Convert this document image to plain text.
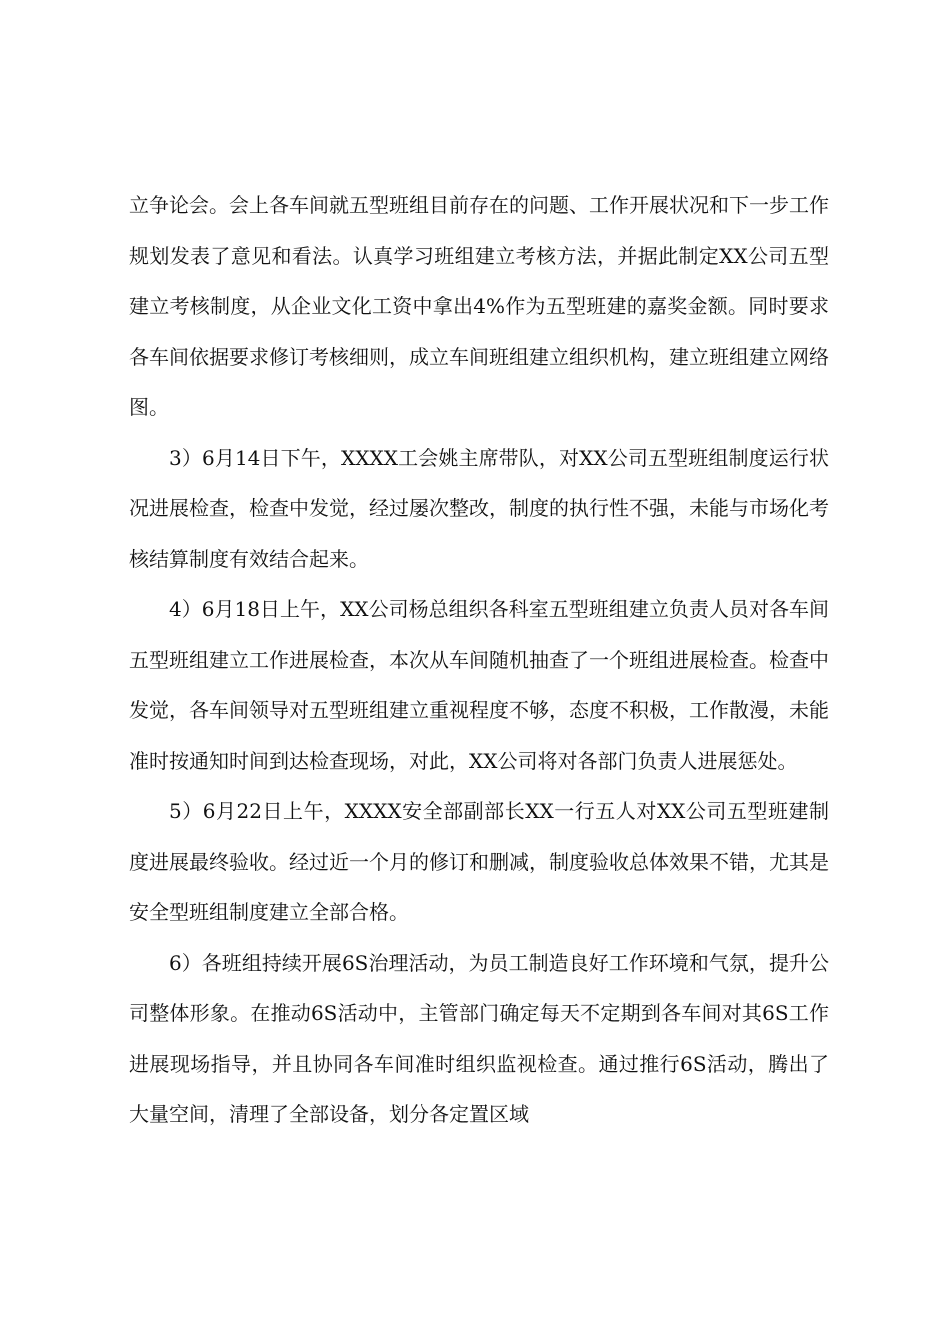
立争论会。会上各车间就五型班组目前存在的问题、工作开展状况和下一步工作规划发表了意见和看法。认真学习班组建立考核方法，并据此制定XX公司五型建立考核制度，从企业文化工资中拿出4%作为五型班建的嘉奖金额。同时要求各车间依据要求修订考核细则，成立车间班组建立组织机构，建立班组建立网络图。

3）6月14日下午，XXXX工会姚主席带队，对XX公司五型班组制度运行状况进展检查，检查中发觉，经过屡次整改，制度的执行性不强，未能与市场化考核结算制度有效结合起来。

4）6月18日上午，XX公司杨总组织各科室五型班组建立负责人员对各车间五型班组建立工作进展检查，本次从车间随机抽查了一个班组进展检查。检查中发觉，各车间领导对五型班组建立重视程度不够，态度不积极，工作散漫，未能准时按通知时间到达检查现场，对此，XX公司将对各部门负责人进展惩处。

5）6月22日上午，XXXX安全部副部长XX一行五人对XX公司五型班建制度进展最终验收。经过近一个月的修订和删减，制度验收总体效果不错，尤其是安全型班组制度建立全部合格。

6）各班组持续开展6S治理活动，为员工制造良好工作环境和气氛，提升公司整体形象。在推动6S活动中，主管部门确定每天不定期到各车间对其6S工作进展现场指导，并且协同各车间准时组织监视检查。通过推行6S活动，腾出了大量空间，清理了全部设备，划分各定置区域
